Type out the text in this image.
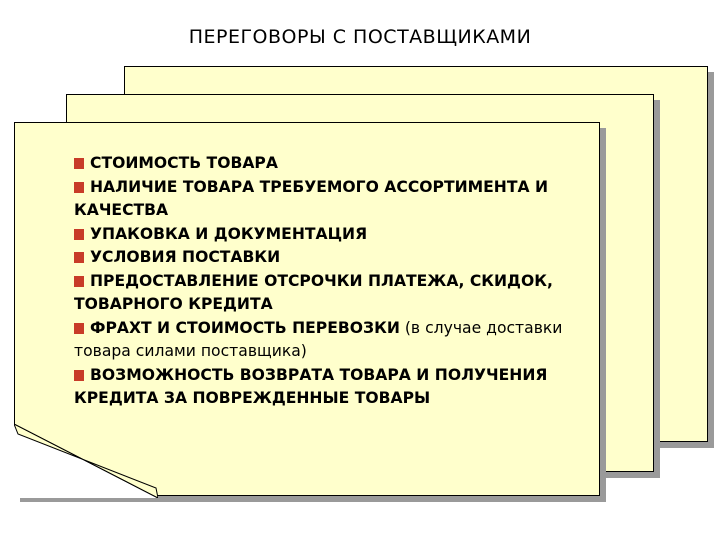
ПЕРЕГОВОРЫ С ПОСТАВЩИКАМИ
СТОИМОСТЬ ТОВАРА
НАЛИЧИЕ ТОВАРА ТРЕБУЕМОГО АССОРТИМЕНТА И КАЧЕСТВА
УПАКОВКА И ДОКУМЕНТАЦИЯ
УСЛОВИЯ ПОСТАВКИ
ПРЕДОСТАВЛЕНИЕ ОТСРОЧКИ ПЛАТЕЖА, СКИДОК, ТОВАРНОГО КРЕДИТА
ФРАХТ И СТОИМОСТЬ ПЕРЕВОЗКИ (в случае доставки товара силами поставщика)
ВОЗМОЖНОСТЬ ВОЗВРАТА ТОВАРА И ПОЛУЧЕНИЯ КРЕДИТА ЗА ПОВРЕЖДЕННЫЕ ТОВАРЫ
